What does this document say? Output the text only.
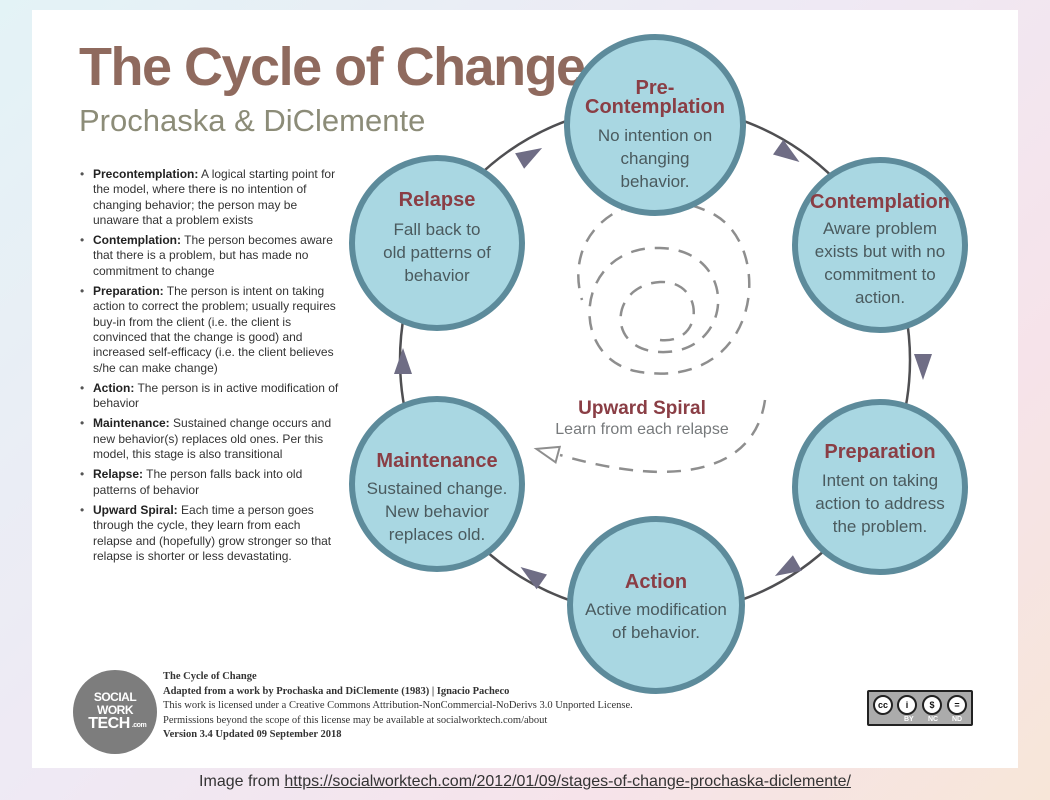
The Cycle of Change
Prochaska & DiClemente
• Precontemplation: A logical starting point for the model, where there is no intention of changing behavior; the person may be unaware that a problem exists
• Contemplation: The person becomes aware that there is a problem, but has made no commitment to change
• Preparation: The person is intent on taking action to correct the problem; usually requires buy-in from the client (i.e. the client is convinced that the change is good) and increased self-efficacy (i.e. the client believes s/he can make change)
• Action: The person is in active modification of behavior
• Maintenance: Sustained change occurs and new behavior(s) replaces old ones. Per this model, this stage is also transitional
• Relapse: The person falls back into old patterns of behavior
• Upward Spiral: Each time a person goes through the cycle, they learn from each relapse and (hopefully) grow stronger so that relapse is shorter or less devastating.
Upward Spiral
Learn from each relapse
Pre-
Contemplation
No intention on
changing
behavior.
Contemplation
Aware problem
exists but with no
commitment to
action.
Preparation
Intent on taking
action to address
the problem.
Action
Active modification
of behavior.
Maintenance
Sustained change.
New behavior
replaces old.
Relapse
Fall back to
old patterns of
behavior
SOCIAL
WORK
TECH .com
The Cycle of Change
Adapted from a work by Prochaska and DiClemente (1983) | Ignacio Pacheco
This work is licensed under a Creative Commons Attribution-NonCommercial-NoDerivs 3.0 Unported License.
Permissions beyond the scope of this license may be available at socialworktech.com/about
Version 3.4 Updated 09 September 2018
cc	i	$	=
BY NC ND
Image from https://socialworktech.com/2012/01/09/stages-of-change-prochaska-diclemente/
